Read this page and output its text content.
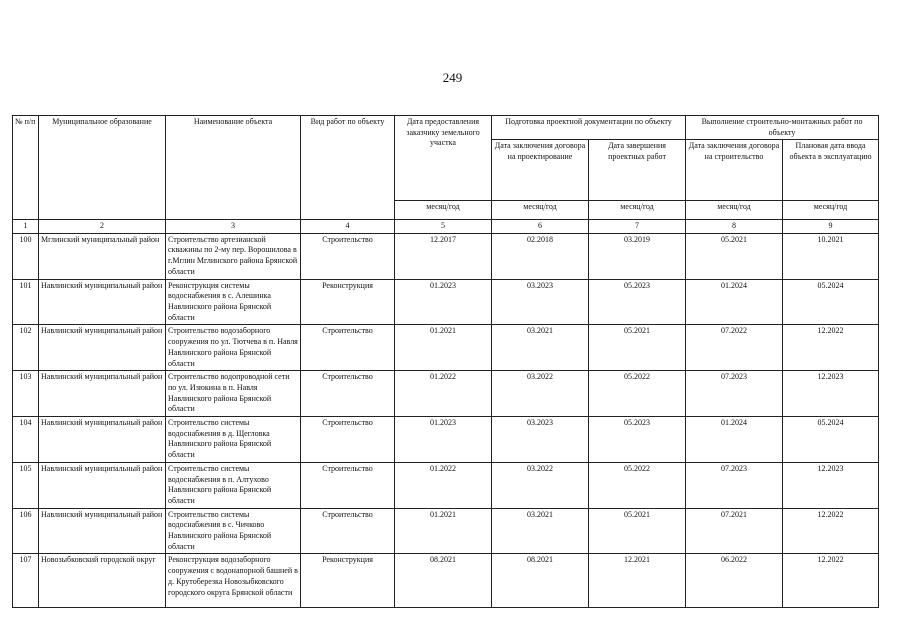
249
№ п/п	Муниципальное образование	Наименование объекта	Вид работ по объекту	Дата предоставления заказчику земельного участка	Подготовка проектной документации по объекту		Выполнение строительно-монтажных работ по объекту	
					Дата заключения договора на проектирование	Дата завершения проектных работ	Дата заключения договора на строительство	Плановая дата ввода объекта в эксплуатацию
				месяц/год	месяц/год	месяц/год	месяц/год	месяц/год
1	2	3	4	5	6	7	8	9
100	Мглинский муниципальный район	Строительство артезианской скважины по 2-му пер. Ворошилова в г.Мглин Мглинского района Брянской области	Строительство	12.2017	02.2018	03.2019	05.2021	10.2021
101	Навлинский муниципальный район	Реконструкция системы водоснабжения в с. Алешинка Навлинского района Брянской области	Реконструкция	01.2023	03.2023	05.2023	01.2024	05.2024
102	Навлинский муниципальный район	Строительство водозаборного сооружения по ул. Тютчева в п. Навля Навлинского района Брянской области	Строительство	01.2021	03.2021	05.2021	07.2022	12.2022
103	Навлинский муниципальный район	Строительство водопроводной сети по ул. Изюкина в п. Навля Навлинского района Брянской области	Строительство	01.2022	03.2022	05.2022	07.2023	12.2023
104	Навлинский муниципальный район	Строительство системы водоснабжения в д. Щегловка Навлинского района Брянской области	Строительство	01.2023	03.2023	05.2023	01.2024	05.2024
105	Навлинский муниципальный район	Строительство системы водоснабжения в п. Алтухово Навлинского района Брянской области	Строительство	01.2022	03.2022	05.2022	07.2023	12.2023
106	Навлинский муниципальный район	Строительство системы водоснабжения в с. Чичково Навлинского района Брянской области	Строительство	01.2021	03.2021	05.2021	07.2021	12.2022
107	Новозыбковский городской округ	Реконструкция водозаборного сооружения с водонапорной башней в д. Крутоберезка Новозыбковского городского округа Брянской области	Реконструкция	08.2021	08.2021	12.2021	06.2022	12.2022
